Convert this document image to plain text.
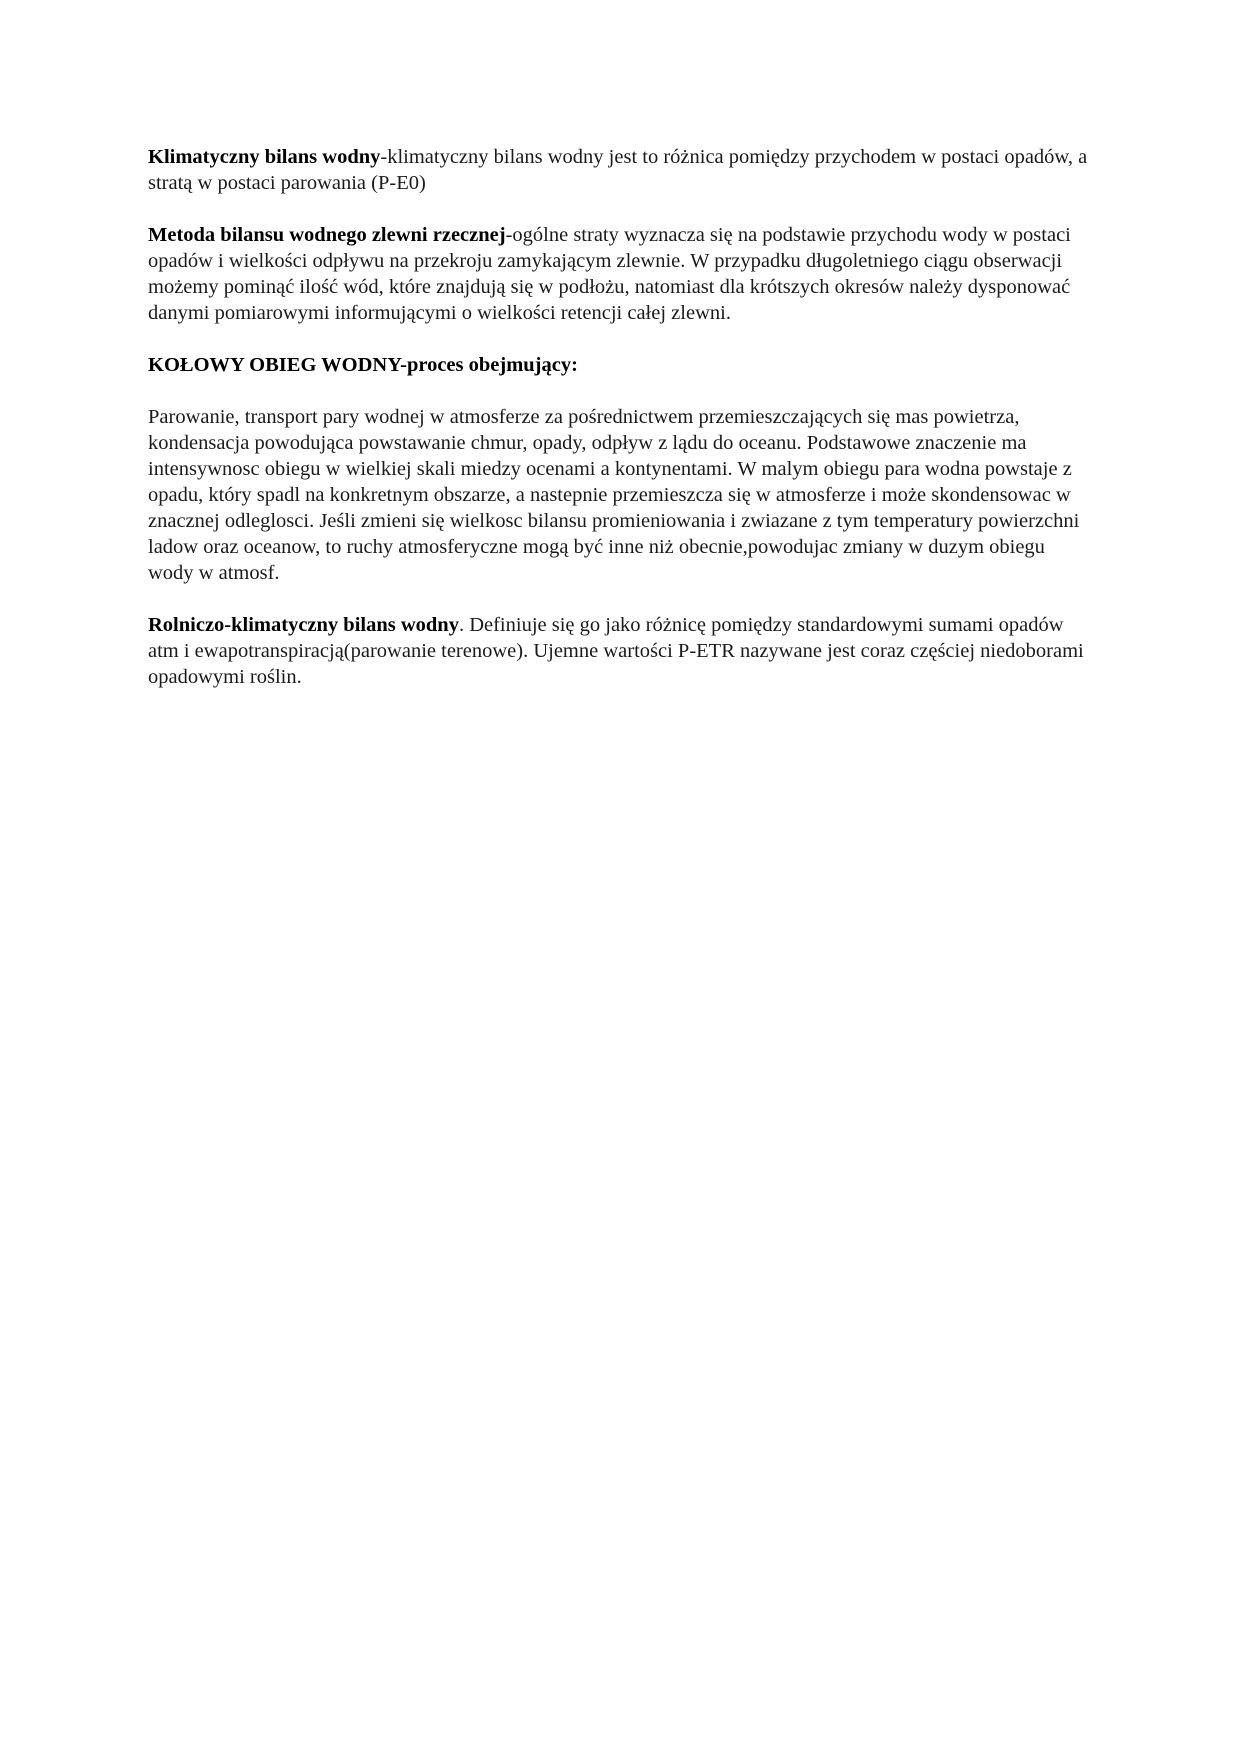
Klimatyczny bilans wodny-klimatyczny bilans wodny jest to różnica pomiędzy przychodem w postaci opadów, a stratą w postaci parowania (P-E0)

Metoda bilansu wodnego zlewni rzecznej-ogólne straty wyznacza się na podstawie przychodu wody w postaci opadów i wielkości odpływu na przekroju zamykającym zlewnie. W przypadku długoletniego ciągu obserwacji możemy pominąć ilość wód, które znajdują się w podłożu, natomiast dla krótszych okresów należy dysponować danymi pomiarowymi informującymi o wielkości retencji całej zlewni.

KOŁOWY OBIEG WODNY-proces obejmujący:

Parowanie, transport pary wodnej w atmosferze za pośrednictwem przemieszczających się mas powietrza, kondensacja powodująca powstawanie chmur, opady, odpływ z lądu do oceanu. Podstawowe znaczenie ma intensywnosc obiegu w wielkiej skali miedzy ocenami a kontynentami. W malym obiegu para wodna powstaje z opadu, który spadl na konkretnym obszarze, a nastepnie przemieszcza się w atmosferze i może skondensowac w znacznej odleglosci. Jeśli zmieni się wielkosc bilansu promieniowania i zwiazane z tym temperatury powierzchni ladow oraz oceanow, to ruchy atmosferyczne mogą być inne niż obecnie,powodujac zmiany w duzym obiegu wody w atmosf.

Rolniczo-klimatyczny bilans wodny. Definiuje się go jako różnicę pomiędzy standardowymi sumami opadów atm i ewapotranspiracją(parowanie terenowe). Ujemne wartości P-ETR nazywane jest coraz częściej niedoborami opadowymi roślin.
